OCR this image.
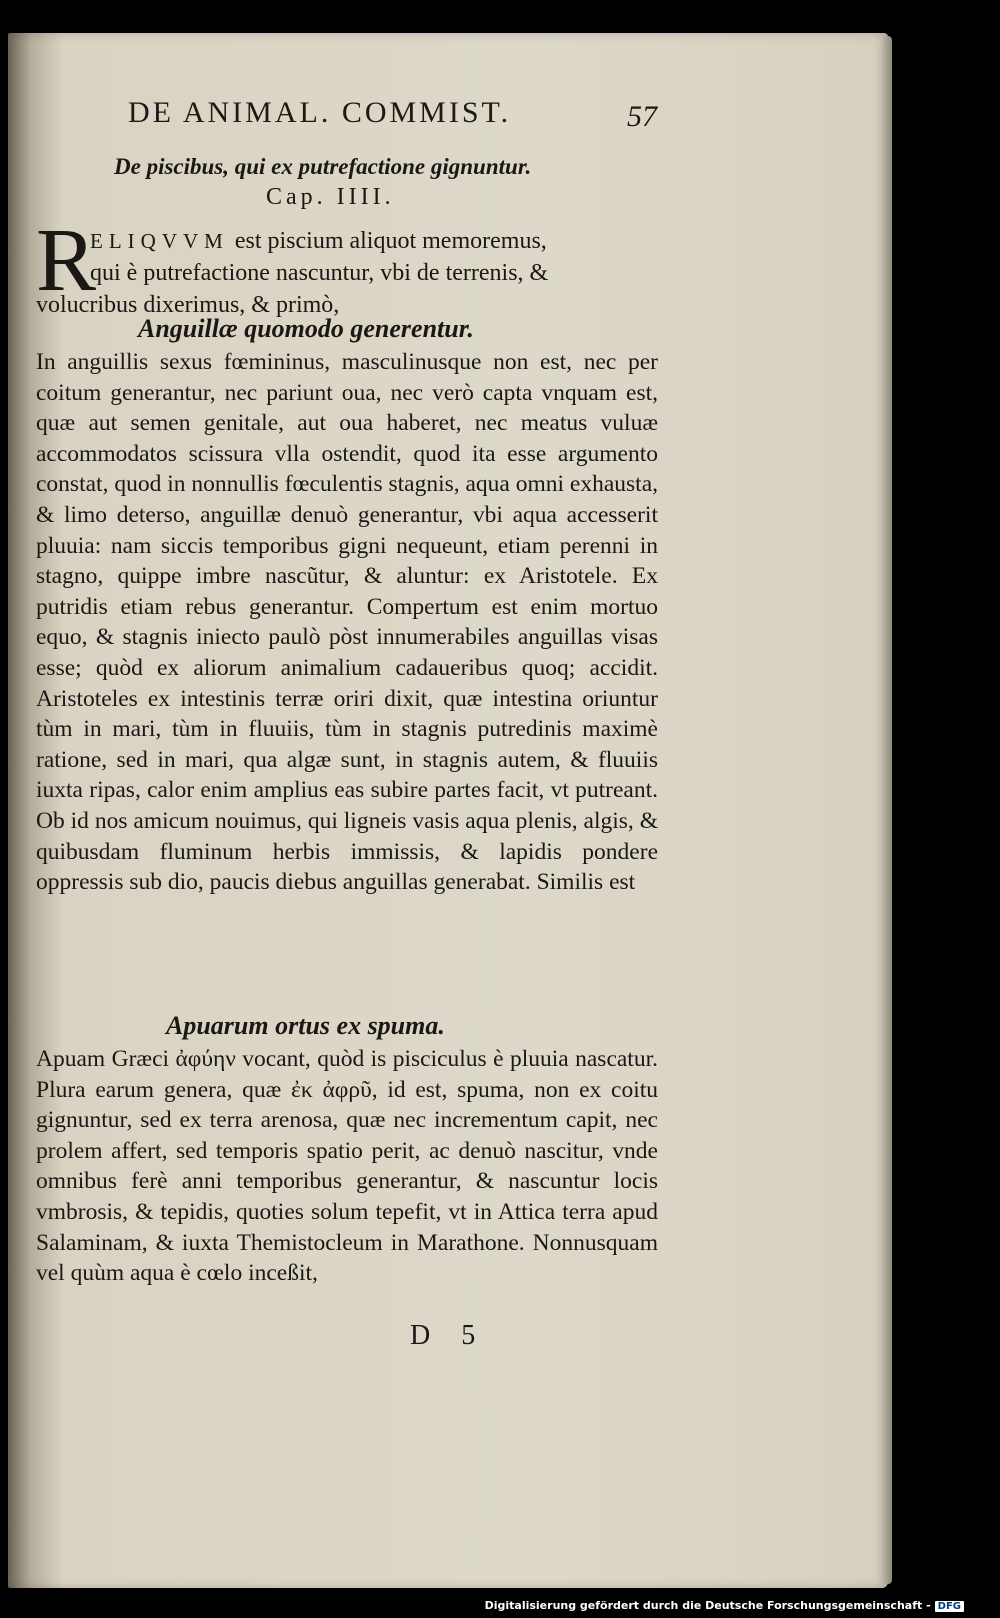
DE ANIMAL. COMMIST.	57
De piscibus, qui ex putrefactione gignuntur.
Cap. IIII.
R
ELIQVVM est piscium aliquot memoremus,
qui è putrefactione nascuntur, vbi de terrenis, &
volucribus dixerimus, & primò,
Anguillæ quomodo generentur.
In anguillis sexus fœmininus, masculinusque non est, nec per coitum generantur, nec pariunt oua, nec verò capta vnquam est, quæ aut semen genitale, aut oua haberet, nec meatus vuluæ accommodatos scissura vlla ostendit, quod ita esse argumento constat, quod in nonnullis fœculentis stagnis, aqua omni exhausta, & limo deterso, anguillæ denuò generantur, vbi aqua accesserit pluuia: nam siccis temporibus gigni nequeunt, etiam perenni in stagno, quippe imbre nascũtur, & aluntur: ex Aristotele. Ex putridis etiam rebus generantur. Compertum est enim mortuo equo, & stagnis iniecto paulò pòst innumerabiles anguillas visas esse; quòd ex aliorum animalium cadaueribus quoq; accidit. Aristoteles ex intestinis terræ oriri dixit, quæ intestina oriuntur tùm in mari, tùm in fluuiis, tùm in stagnis putredinis maximè ratione, sed in mari, qua algæ sunt, in stagnis autem, & fluuiis iuxta ripas, calor enim amplius eas subire partes facit, vt putreant. Ob id nos amicum nouimus, qui ligneis vasis aqua plenis, algis, & quibusdam fluminum herbis immissis, & lapidis pondere oppressis sub dio, paucis diebus anguillas generabat. Similis est
Apuarum ortus ex spuma.
Apuam Græci ἀφύην vocant, quòd is pisciculus è pluuia nascatur. Plura earum genera, quæ ἐκ ἀφρῦ, id est, spuma, non ex coitu gignuntur, sed ex terra arenosa, quæ nec incrementum capit, nec prolem affert, sed temporis spatio perit, ac denuò nascitur, vnde omnibus ferè anni temporibus generantur, & nascuntur locis vmbrosis, & tepidis, quoties solum tepefit, vt in Attica terra apud Salaminam, & iuxta Themistocleum in Marathone. Nonnusquam vel quùm aqua è cœlo inceßit,
D 5
Digitalisierung gefördert durch die Deutsche Forschungsgemeinschaft - DFG
